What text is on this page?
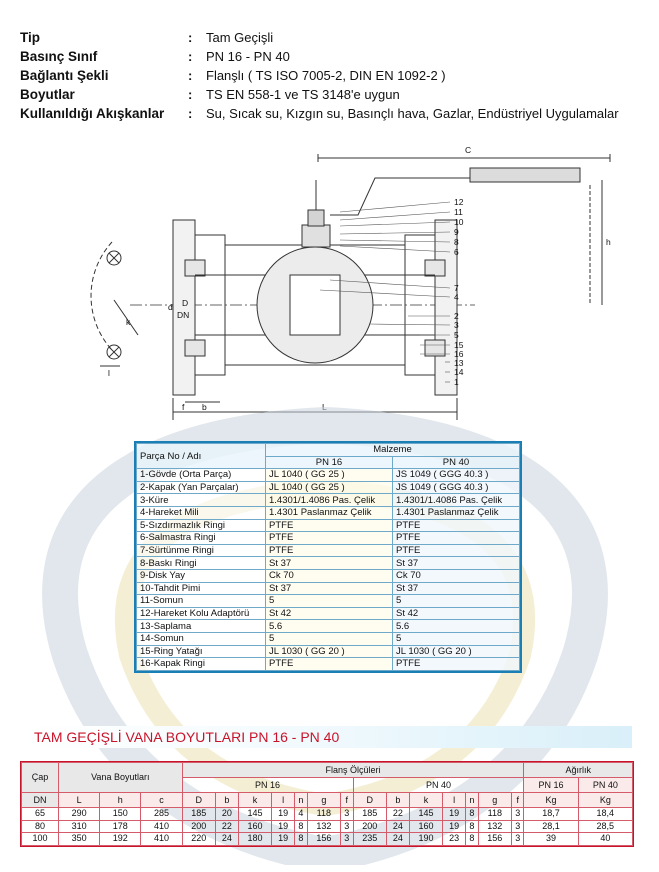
Tip	:	Tam Geçişli
Basınç Sınıf	:	PN 16 - PN 40
Bağlantı Şekli	:	Flanşlı ( TS ISO 7005-2, DIN EN 1092-2 )
Boyutlar	:	TS EN 558-1 ve TS 3148'e uygun
Kullanıldığı Akışkanlar	:	Su, Sıcak su, Kızgın su, Basınçlı hava, Gazlar, Endüstriyel Uygulamalar
C
h
L
f b
k
l
d D
DN
12
11
10
9
8
6
7
4
2
3
5
15
16
13
14
1
Parça No / Adı	Malzeme	
	PN 16	PN 40
1-Gövde (Orta Parça)	JL 1040 ( GG 25 )	JS 1049 ( GGG 40.3 )
2-Kapak (Yan Parçalar)	JL 1040 ( GG 25 )	JS 1049 ( GGG 40.3 )
3-Küre	1.4301/1.4086 Pas. Çelik	1.4301/1.4086 Pas. Çelik
4-Hareket Mili	1.4301 Paslanmaz Çelik	1.4301 Paslanmaz Çelik
5-Sızdırmazlık Ringi	PTFE	PTFE
6-Salmastra Ringi	PTFE	PTFE
7-Sürtünme Ringi	PTFE	PTFE
8-Baskı Ringi	St 37	St 37
9-Disk Yay	Ck 70	Ck 70
10-Tahdit Pimi	St 37	St 37
11-Somun	5	5
12-Hareket Kolu Adaptörü	St 42	St 42
13-Saplama	5.6	5.6
14-Somun	5	5
15-Ring Yatağı	JL 1030 ( GG 20 )	JL 1030 ( GG 20 )
16-Kapak Ringi	PTFE	PTFE
TAM GEÇİŞLİ VANA BOYUTLARI PN 16 - PN 40
Çap	Vana Boyutları			Flanş Ölçüleri														Ağırlık	
				PN 16							PN 40							PN 16	PN 40
DN	L	h	c	D	b	k	l	n	g	f	D	b	k	l	n	g	f	Kg	Kg
65	290	150	285	185	20	145	19	4	118	3	185	22	145	19	8	118	3	18,7	18,4
80	310	178	410	200	22	160	19	8	132	3	200	24	160	19	8	132	3	28,1	28,5
100	350	192	410	220	24	180	19	8	156	3	235	24	190	23	8	156	3	39	40
